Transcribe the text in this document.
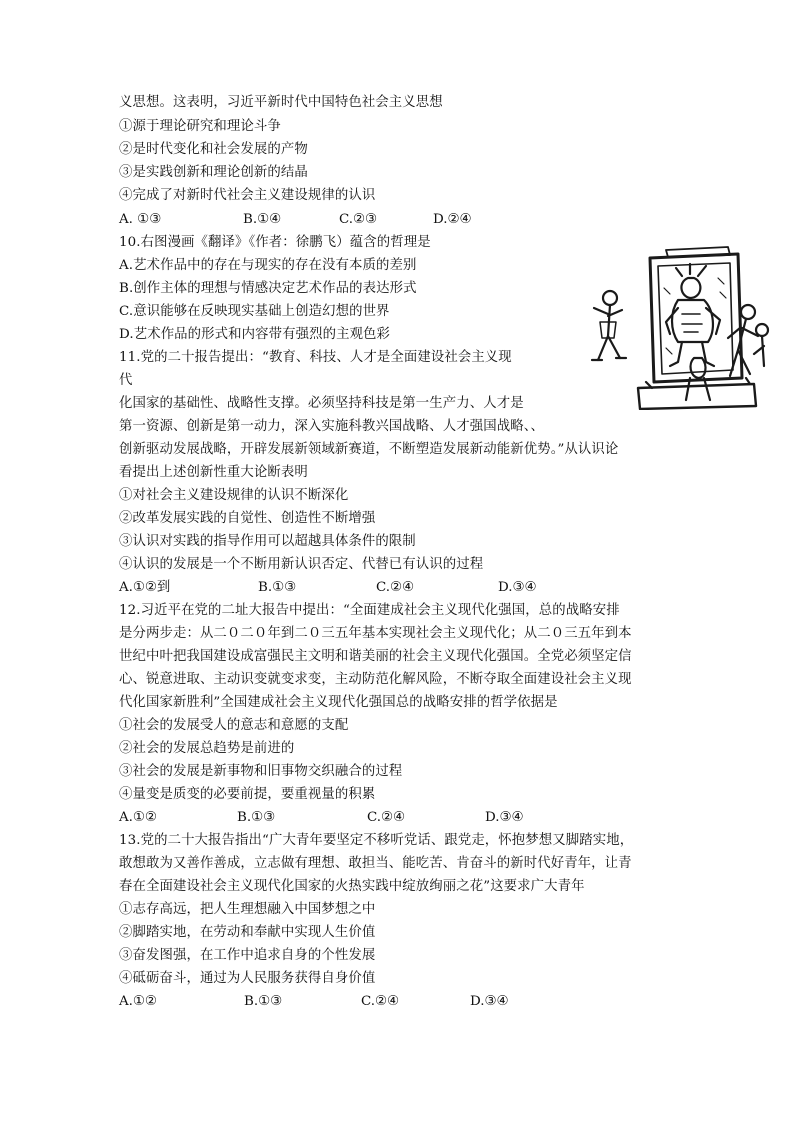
义思想。这表明，习近平新时代中国特色社会主义思想
①源于理论研究和理论斗争
②是时代变化和社会发展的产物
③是实践创新和理论创新的结晶
④完成了对新时代社会主义建设规律的认识
A. ①③	B.①④	C.②③	D.②④
10.右图漫画《翻译》《作者：徐鹏飞）蕴含的哲理是
A.艺术作品中的存在与现实的存在没有本质的差别
B.创作主体的理想与情感决定艺术作品的表达形式
C.意识能够在反映现实基础上创造幻想的世界
D.艺术作品的形式和内容带有强烈的主观色彩
11.党的二十报告提出：“教育、科技、人才是全面建设社会主义现
代
化国家的基础性、战略性支撑。必须坚持科技是第一生产力、人才是
第一资源、创新是第一动力，深入实施科教兴国战略、人才强国战略、、
创新驱动发展战略，开辟发展新领域新赛道，不断塑造发展新动能新优势。”从认识论
看提出上述创新性重大论断表明
①对社会主义建设规律的认识不断深化
②改革发展实践的自觉性、创造性不断增强
③认识对实践的指导作用可以超越具体条件的限制
④认识的发展是一个不断用新认识否定、代替已有认识的过程
A.①②到	B.①③	C.②④	D.③④
12.习近平在党的二址大报告中提出：“全面建成社会主义现代化强国，总的战略安排
是分两步走：从二０二０年到二０三五年基本实现社会主义现代化；从二０三五年到本
世纪中叶把我国建设成富强民主文明和谐美丽的社会主义现代化强国。全党必须坚定信
心、锐意进取、主动识变就变求变，主动防范化解风险，不断夺取全面建设社会主义现
代化国家新胜利”全国建成社会主义现代化强国总的战略安排的哲学依据是
①社会的发展受人的意志和意愿的支配
②社会的发展总趋势是前进的
③社会的发展是新事物和旧事物交织融合的过程
④量变是质变的必要前提，要重视量的积累
A.①②	B.①③	C.②④	D.③④
13.党的二十大报告指出“广大青年要坚定不移听党话、跟党走，怀抱梦想又脚踏实地，
敢想敢为又善作善成，立志做有理想、敢担当、能吃苦、肯奋斗的新时代好青年，让青
春在全面建设社会主义现代化国家的火热实践中绽放绚丽之花”这要求广大青年
①志存高远，把人生理想融入中国梦想之中
②脚踏实地，在劳动和奉献中实现人生价值
③奋发图强，在工作中追求自身的个性发展
④砥砺奋斗，通过为人民服务获得自身价值
A.①②	B.①③	C.②④	D.③④
